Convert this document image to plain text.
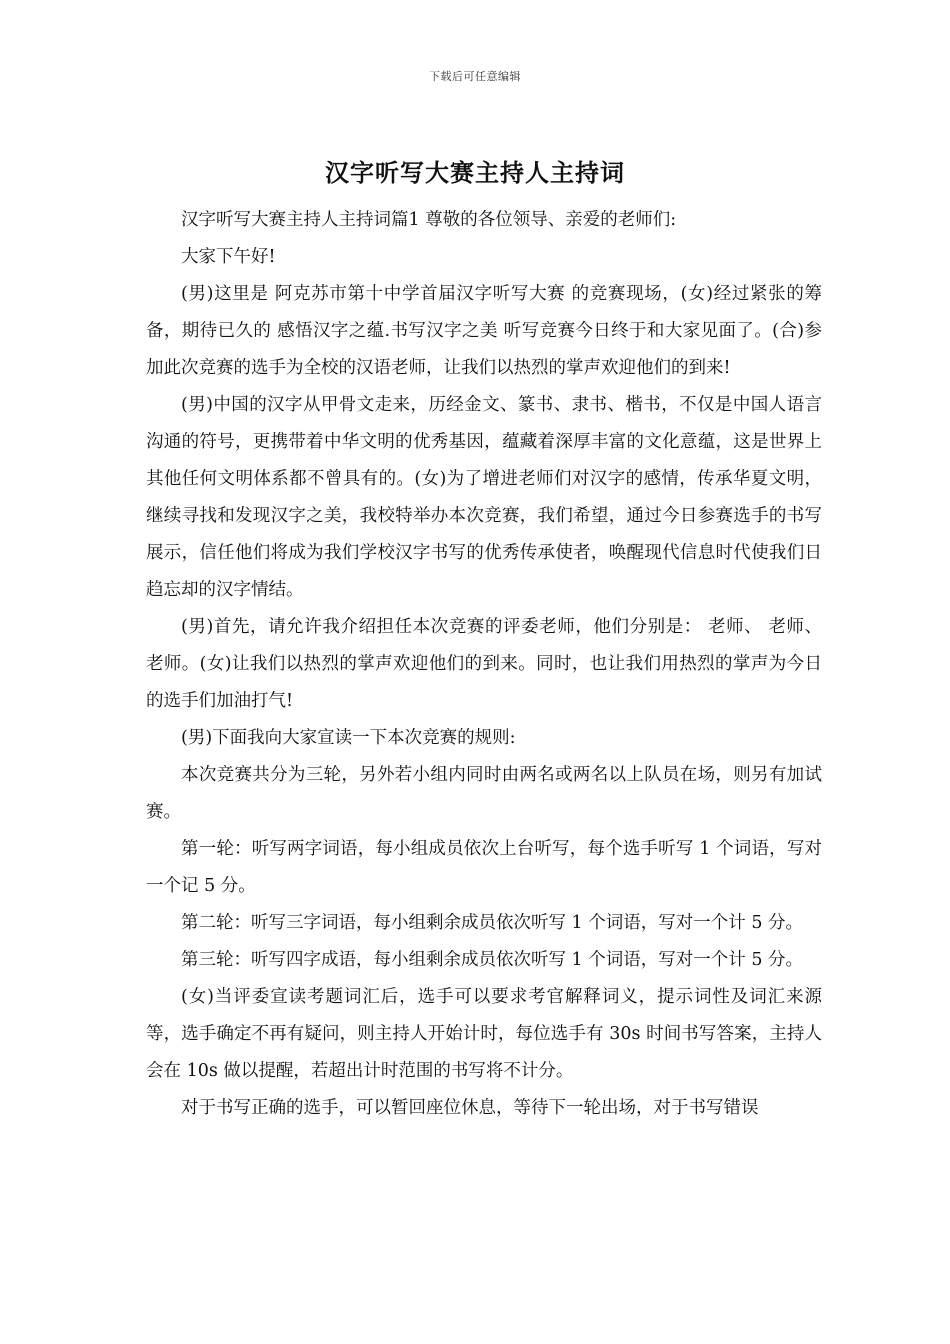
下载后可任意编辑
汉字听写大赛主持人主持词

汉字听写大赛主持人主持词篇1 尊敬的各位领导、亲爱的老师们:

大家下午好!

(男)这里是 阿克苏市第十中学首届汉字听写大赛 的竞赛现场，(女)经过紧张的筹备，期待已久的 感悟汉字之蕴.书写汉字之美 听写竞赛今日终于和大家见面了。(合)参加此次竞赛的选手为全校的汉语老师，让我们以热烈的掌声欢迎他们的到来!

(男)中国的汉字从甲骨文走来，历经金文、篆书、隶书、楷书，不仅是中国人语言沟通的符号，更携带着中华文明的优秀基因，蕴藏着深厚丰富的文化意蕴，这是世界上其他任何文明体系都不曾具有的。(女)为了增进老师们对汉字的感情，传承华夏文明，继续寻找和发现汉字之美，我校特举办本次竞赛，我们希望，通过今日参赛选手的书写展示，信任他们将成为我们学校汉字书写的优秀传承使者，唤醒现代信息时代使我们日趋忘却的汉字情结。

(男)首先，请允许我介绍担任本次竞赛的评委老师，他们分别是： 老师、 老师、 老师。(女)让我们以热烈的掌声欢迎他们的到来。同时，也让我们用热烈的掌声为今日的选手们加油打气!

(男)下面我向大家宣读一下本次竞赛的规则:

本次竞赛共分为三轮，另外若小组内同时由两名或两名以上队员在场，则另有加试赛。

第一轮：听写两字词语，每小组成员依次上台听写，每个选手听写 1 个词语，写对一个记 5 分。

第二轮：听写三字词语，每小组剩余成员依次听写 1 个词语，写对一个计 5 分。

第三轮：听写四字成语，每小组剩余成员依次听写 1 个词语，写对一个计 5 分。

(女)当评委宣读考题词汇后，选手可以要求考官解释词义，提示词性及词汇来源等，选手确定不再有疑问，则主持人开始计时，每位选手有 30s 时间书写答案，主持人会在 10s 做以提醒，若超出计时范围的书写将不计分。

对于书写正确的选手，可以暂回座位休息，等待下一轮出场，对于书写错误
